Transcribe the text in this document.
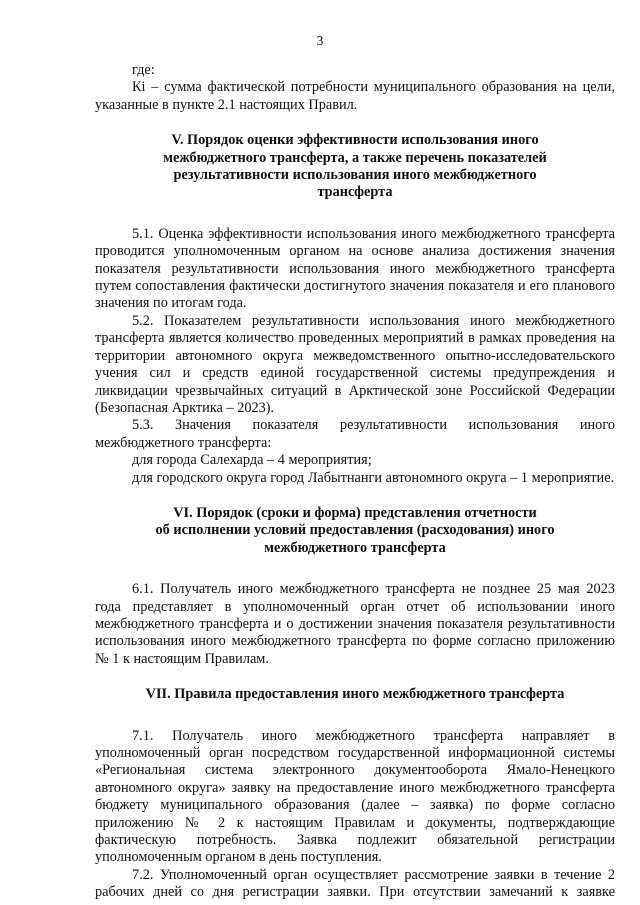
3

где:

Кi – сумма фактической потребности муниципального образования на цели, указанные в пункте 2.1 настоящих Правил.

V. Порядок оценки эффективности использования иного

межбюджетного трансферта, а также перечень показателей

результативности использования иного межбюджетного

трансферта

5.1. Оценка эффективности использования иного межбюджетного трансферта проводится уполномоченным органом на основе анализа достижения значения показателя результативности использования иного межбюджетного трансферта путем сопоставления фактически достигнутого значения показателя и его планового значения по итогам года.

5.2. Показателем результативности использования иного межбюджетного трансферта является количество проведенных мероприятий в рамках проведения на территории автономного округа межведомственного опытно-исследовательского учения сил и средств единой государственной системы предупреждения и ликвидации чрезвычайных ситуаций в Арктической зоне Российской Федерации (Безопасная Арктика – 2023).

5.3. Значения показателя результативности использования иного межбюджетного трансферта:

для города Салехарда – 4 мероприятия;

для городского округа город Лабытнанги автономного округа – 1 мероприятие.

VI. Порядок (сроки и форма) представления отчетности

об исполнении условий предоставления (расходования) иного

межбюджетного трансферта

6.1. Получатель иного межбюджетного трансферта не позднее 25 мая 2023 года представляет в уполномоченный орган отчет об использовании иного межбюджетного трансферта и о достижении значения показателя результативности использования иного межбюджетного трансферта по форме согласно приложению № 1 к настоящим Правилам.

VII. Правила предоставления иного межбюджетного трансферта

7.1. Получатель иного межбюджетного трансферта направляет в уполномоченный орган посредством государственной информационной системы «Региональная система электронного документооборота Ямало-Ненецкого автономного округа» заявку на предоставление иного межбюджетного трансферта бюджету муниципального образования (далее – заявка) по форме согласно приложению № 2 к настоящим Правилам и документы, подтверждающие фактическую потребность. Заявка подлежит обязательной регистрации уполномоченным органом в день поступления.

7.2. Уполномоченный орган осуществляет рассмотрение заявки в течение 2 рабочих дней со дня регистрации заявки. При отсутствии замечаний к заявке
